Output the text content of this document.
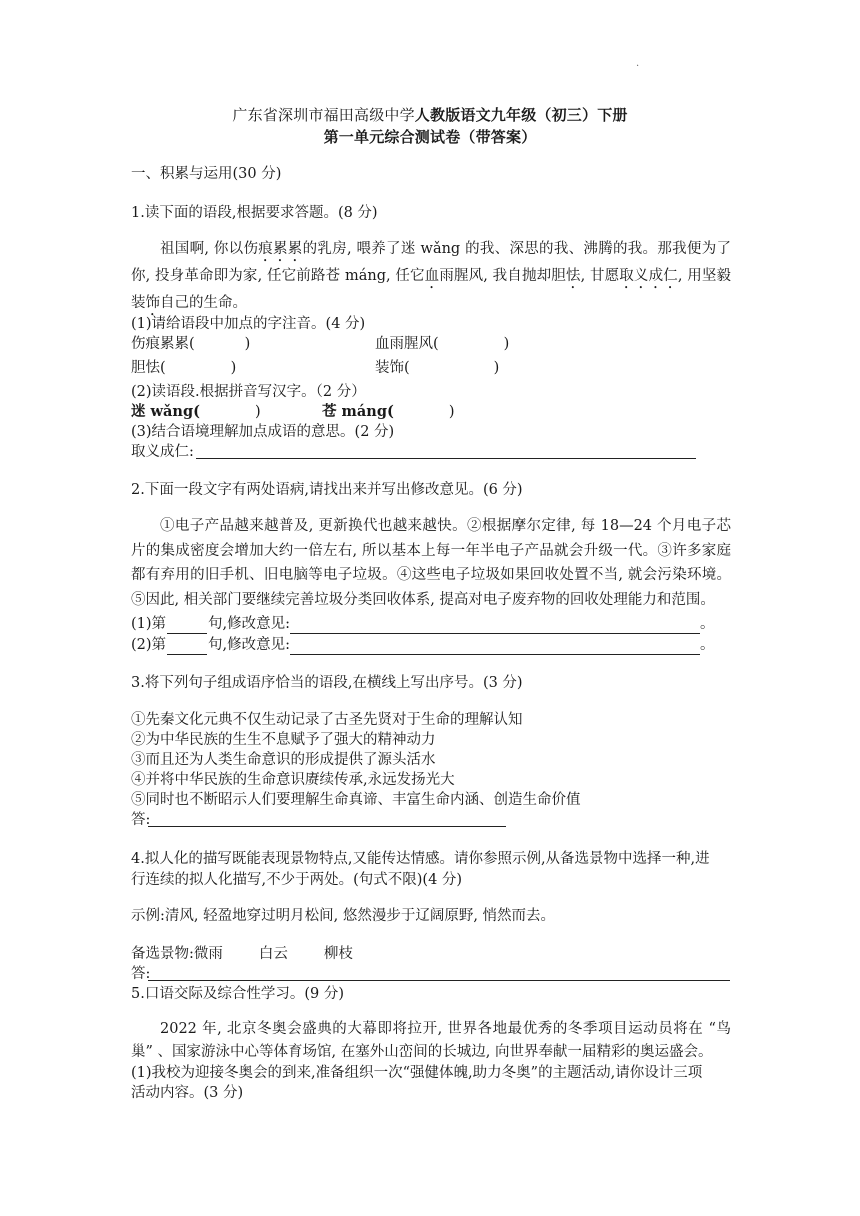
.
广东省深圳市福田高级中学人教版语文九年级（初三）下册
第一单元综合测试卷（带答案）
一、积累与运用(30 分)
1.读下面的语段,根据要求答题。(8 分)
祖国啊, 你以伤痕累累的乳房, 喂养了迷 wǎng 的我、深思的我、沸腾的我。那我便为了你, 投身革命即为家, 任它前路苍 máng, 任它血雨腥风, 我自抛却胆怯, 甘愿取义成仁, 用坚毅装饰自己的生命。
(1)请给语段中加点的字注音。(4 分)
伤痕累累(	)	血雨腥风(	)
胆怯(	)	装饰(	)
(2)读语段.根据拼音写汉字。（2 分）
迷 wǎng(	)	苍 máng(	)
(3)结合语境理解加点成语的意思。(2 分)
取义成仁:
2.下面一段文字有两处语病,请找出来并写出修改意见。(6 分)
①电子产品越来越普及, 更新换代也越来越快。②根据摩尔定律, 每 18—24 个月电子芯片的集成密度会增加大约一倍左右, 所以基本上每一年半电子产品就会升级一代。③许多家庭都有弃用的旧手机、旧电脑等电子垃圾。④这些电子垃圾如果回收处置不当, 就会污染环境。⑤因此, 相关部门要继续完善垃圾分类回收体系, 提高对电子废弃物的回收处理能力和范围。
(1)第	句,修改意见:	。
(2)第	句,修改意见:	。
3.将下列句子组成语序恰当的语段,在横线上写出序号。(3 分)
①先秦文化元典不仅生动记录了古圣先贤对于生命的理解认知
②为中华民族的生生不息赋予了强大的精神动力
③而且还为人类生命意识的形成提供了源头活水
④并将中华民族的生命意识赓续传承,永远发扬光大
⑤同时也不断昭示人们要理解生命真谛、丰富生命内涵、创造生命价值
答:
4.拟人化的描写既能表现景物特点,又能传达情感。请你参照示例,从备选景物中选择一种,进
行连续的拟人化描写,不少于两处。(句式不限)(4 分)
示例:清风, 轻盈地穿过明月松间, 悠然漫步于辽阔原野, 悄然而去。
备选景物:微雨 白云 柳枝
答:
5.口语交际及综合性学习。(9 分)
2022 年, 北京冬奥会盛典的大幕即将拉开, 世界各地最优秀的冬季项目运动员将在 “鸟巢” 、国家游泳中心等体育场馆, 在塞外山峦间的长城边, 向世界奉献一届精彩的奥运盛会。
(1)我校为迎接冬奥会的到来,准备组织一次“强健体魄,助力冬奥”的主题活动,请你设计三项
活动内容。(3 分)
